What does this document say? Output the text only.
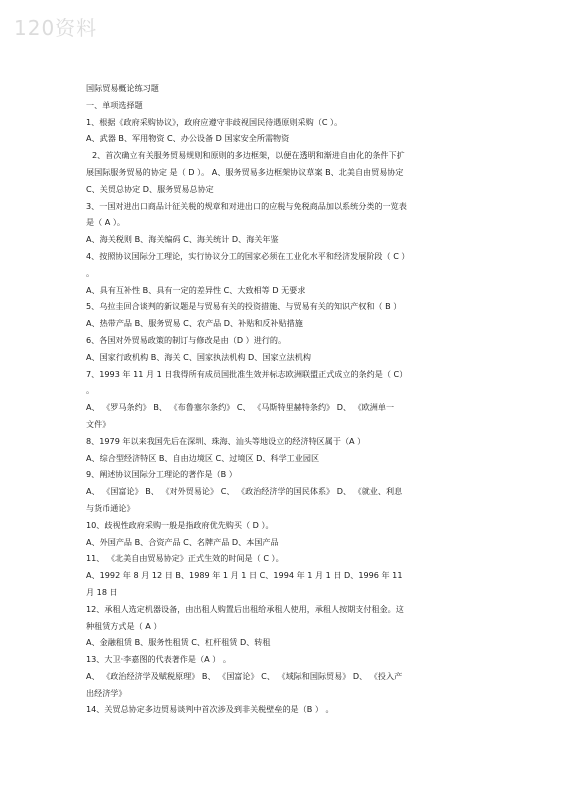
120资料
国际贸易概论练习题
一、单项选择题
1、根据《政府采购协议》，政府应遵守非歧视国民待遇原则采购（C ）。
A、武器 B、军用物资 C、办公设备 D 国家安全所需物资
2、首次确立有关服务贸易规则和原则的多边框架，以便在透明和渐进自由化的条件下扩
展国际服务贸易的协定 是（ D ）。 A、服务贸易多边框架协议草案 B、北美自由贸易协定
C、关贸总协定 D、服务贸易总协定
3、一国对进出口商品计征关税的规章和对进出口的应税与免税商品加以系统分类的一览表
是（ A ）。
A、海关税则 B、海关编码 C、海关统计 D、海关年鉴
4、按照协议国际分工理论，实行协议分工的国家必须在工业化水平和经济发展阶段（ C ）
。
A、具有互补性 B、具有一定的差异性 C、大致相等 D 无要求
5、乌拉圭回合谈判的新议题是与贸易有关的投资措施、与贸易有关的知识产权和（ B ）
A、热带产品 B、服务贸易 C、农产品 D、补贴和反补贴措施
6、各国对外贸易政策的制订与修改是由（D ）进行的。
A、国家行政机构 B、海关 C、国家执法机构 D、国家立法机构
7、1993 年 11 月 1 日我得所有成员国批准生效并标志欧洲联盟正式成立的条约是（ C）
。
A、 《罗马条约》 B、 《布鲁塞尔条约》 C、 《马斯特里赫特条约》 D、 《欧洲单一
文件》
8、1979 年以来我国先后在深圳、珠海、汕头等地设立的经济特区属于（A ）
A、综合型经济特区 B、自由边境区 C、过境区 D、科学工业园区
9、阐述协议国际分工理论的著作是（B ）
A、 《国富论》 B、 《对外贸易论》 C、 《政治经济学的国民体系》 D、 《就业、利息
与货币通论》
10、歧视性政府采购一般是指政府优先购买（ D ）。
A、外国产品 B、合资产品 C、名牌产品 D、本国产品
11、 《北美自由贸易协定》正式生效的时间是（ C ）。
A、1992 年 8 月 12 日 B、1989 年 1 月 1 日 C、1994 年 1 月 1 日 D、1996 年 11
月 18 日
12、承租人选定机器设备，由出租人购置后出租给承租人使用，承租人按期支付租金。这
种租赁方式是（ A ）
A、金融租赁 B、服务性租赁 C、杠杆租赁 D、转租
13、大卫·李嘉图的代表著作是（A ） 。
A、 《政治经济学及赋税原理》 B、 《国富论》 C、 《域际和国际贸易》 D、 《投入产
出经济学》
14、关贸总协定多边贸易谈判中首次涉及到非关税壁垒的是（B ） 。
